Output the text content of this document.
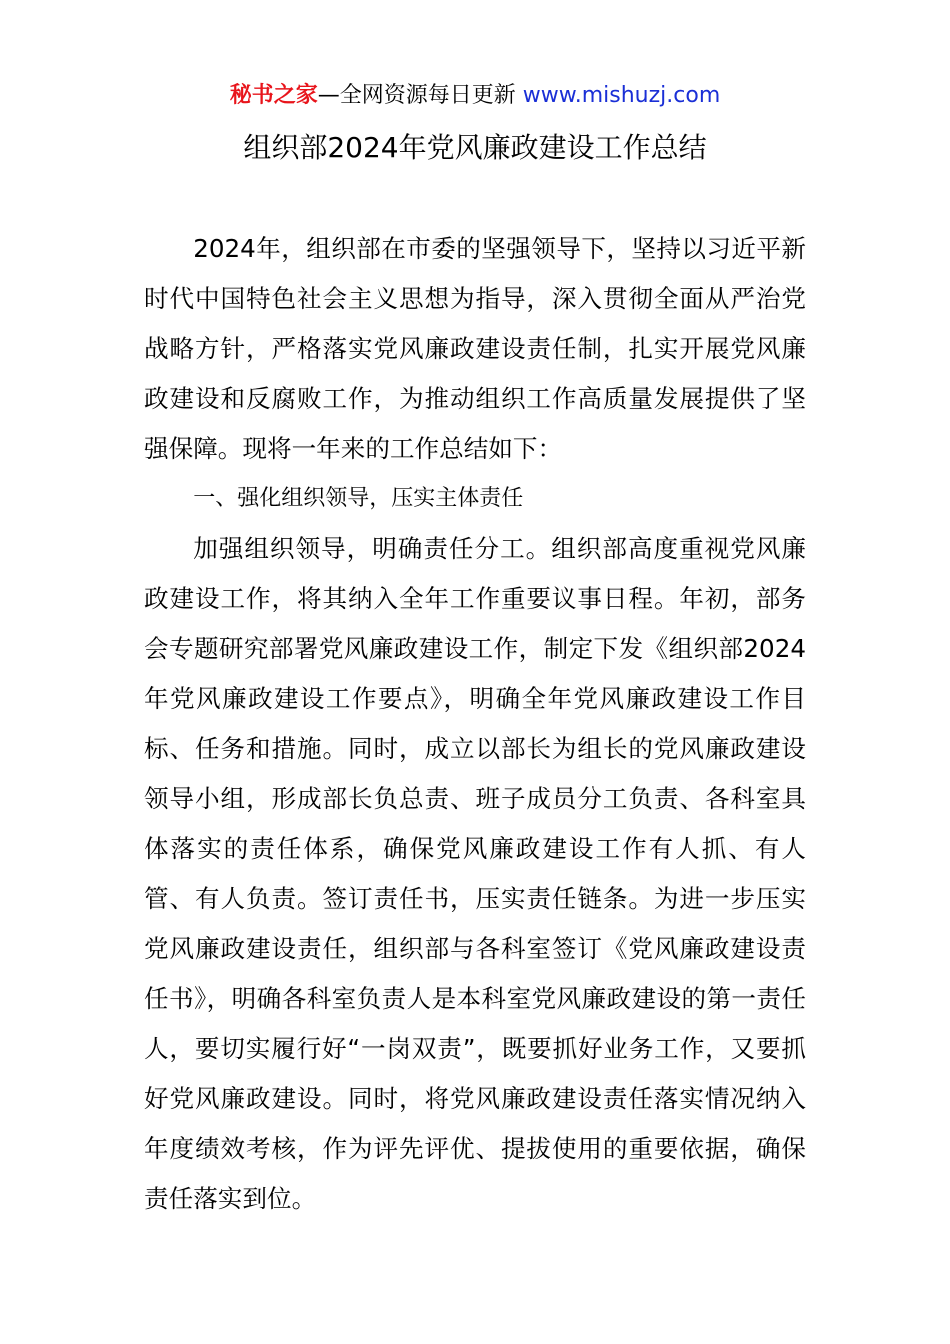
秘书之家—全网资源每日更新 www.mishuzj.com
组织部2024年党风廉政建设工作总结

2024年，组织部在市委的坚强领导下，坚持以习近平新时代中国特色社会主义思想为指导，深入贯彻全面从严治党战略方针，严格落实党风廉政建设责任制，扎实开展党风廉政建设和反腐败工作，为推动组织工作高质量发展提供了坚强保障。现将一年来的工作总结如下：

一、强化组织领导，压实主体责任

加强组织领导，明确责任分工。组织部高度重视党风廉政建设工作，将其纳入全年工作重要议事日程。年初，部务会专题研究部署党风廉政建设工作，制定下发《组织部2024年党风廉政建设工作要点》，明确全年党风廉政建设工作目标、任务和措施。同时，成立以部长为组长的党风廉政建设领导小组，形成部长负总责、班子成员分工负责、各科室具体落实的责任体系，确保党风廉政建设工作有人抓、有人管、有人负责。签订责任书，压实责任链条。为进一步压实党风廉政建设责任，组织部与各科室签订《党风廉政建设责任书》，明确各科室负责人是本科室党风廉政建设的第一责任人，要切实履行好“一岗双责”，既要抓好业务工作，又要抓好党风廉政建设。同时，将党风廉政建设责任落实情况纳入年度绩效考核，作为评先评优、提拔使用的重要依据，确保责任落实到位。
